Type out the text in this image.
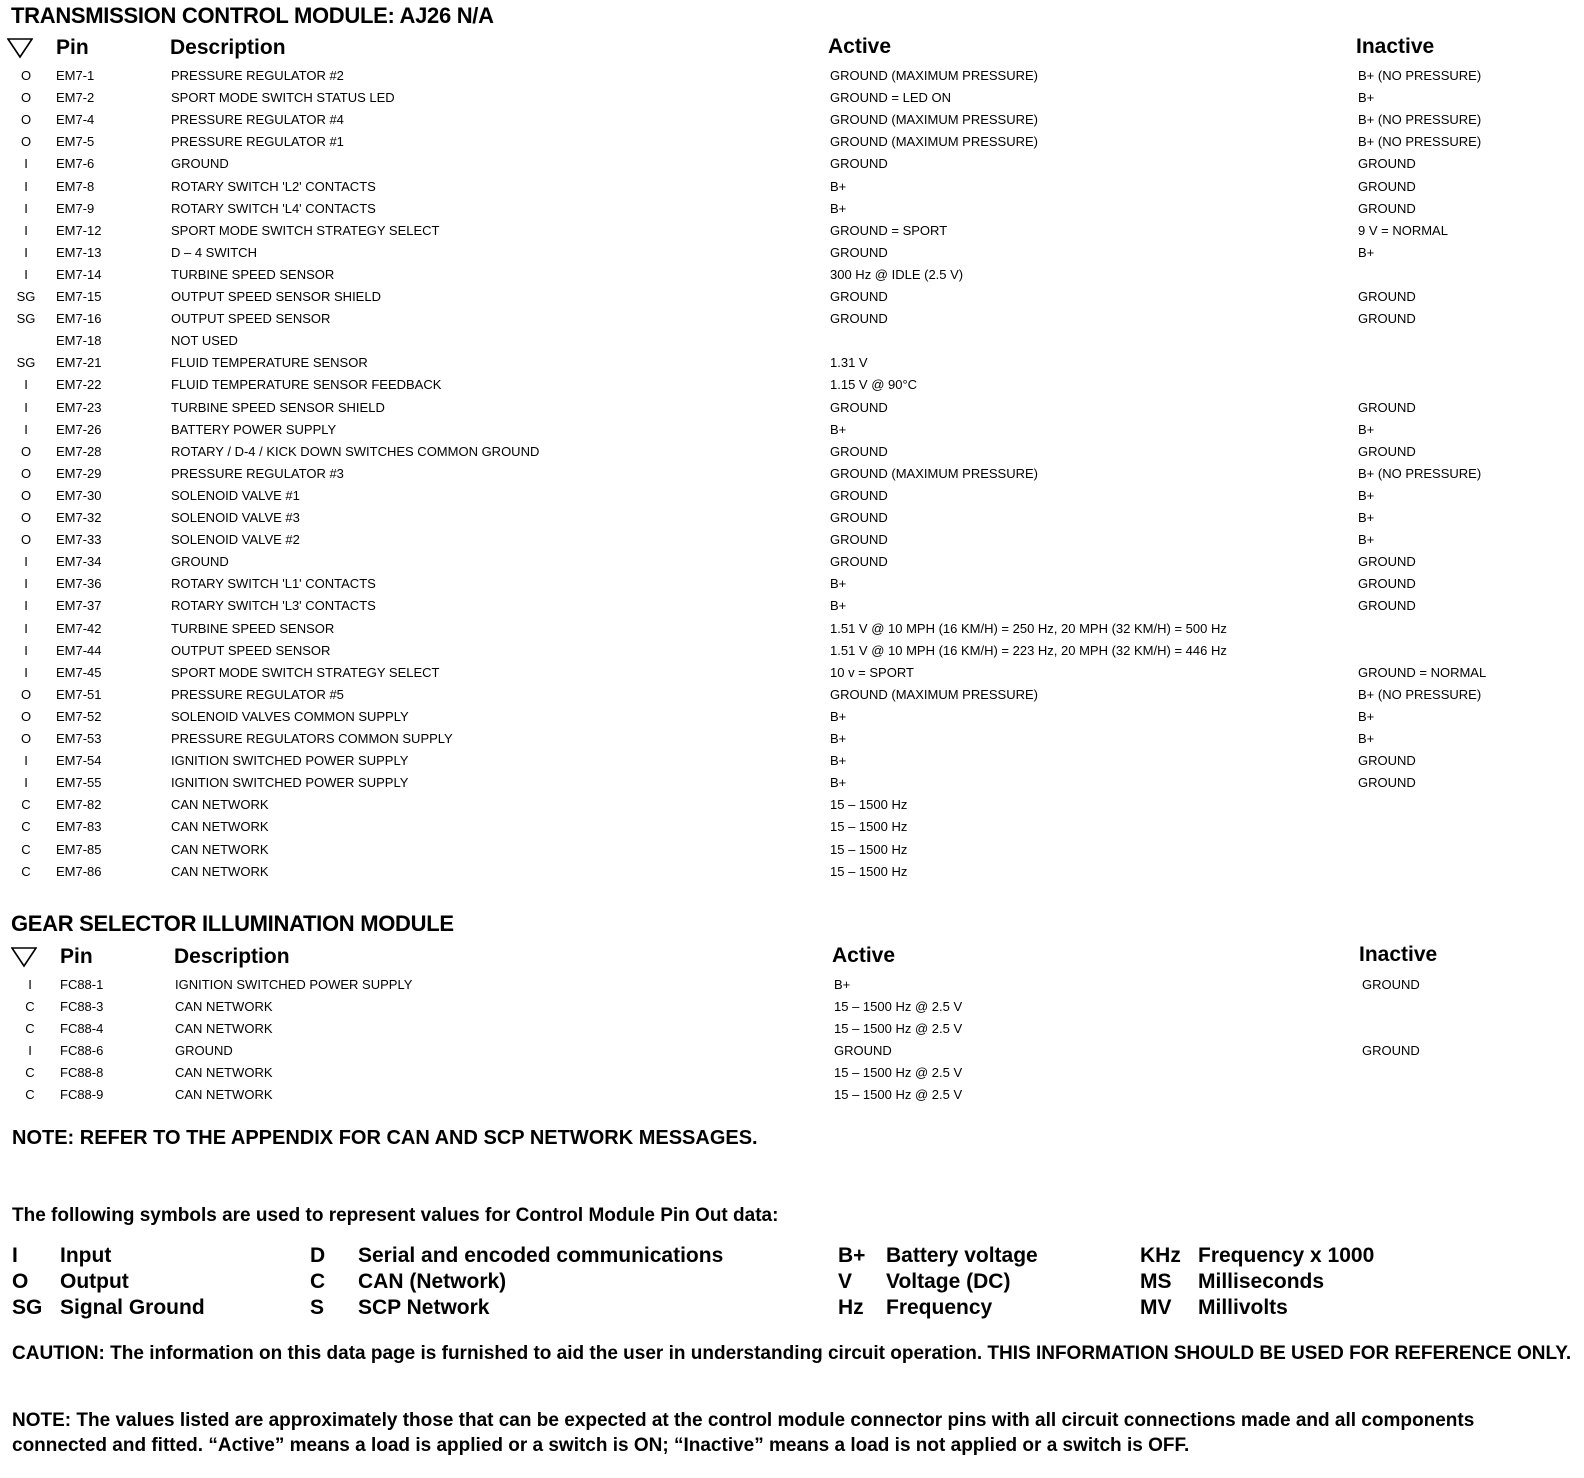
TRANSMISSION CONTROL MODULE: AJ26 N/A
Pin	Description	Active	Inactive
O	EM7-1	PRESSURE REGULATOR #2	GROUND (MAXIMUM PRESSURE)	B+ (NO PRESSURE)
O	EM7-2	SPORT MODE SWITCH STATUS LED	GROUND = LED ON	B+
O	EM7-4	PRESSURE REGULATOR #4	GROUND (MAXIMUM PRESSURE)	B+ (NO PRESSURE)
O	EM7-5	PRESSURE REGULATOR #1	GROUND (MAXIMUM PRESSURE)	B+ (NO PRESSURE)
I	EM7-6	GROUND	GROUND	GROUND
I	EM7-8	ROTARY SWITCH 'L2' CONTACTS	B+	GROUND
I	EM7-9	ROTARY SWITCH 'L4' CONTACTS	B+	GROUND
I	EM7-12	SPORT MODE SWITCH STRATEGY SELECT	GROUND = SPORT	9 V = NORMAL
I	EM7-13	D – 4 SWITCH	GROUND	B+
I	EM7-14	TURBINE SPEED SENSOR	300 Hz @ IDLE (2.5 V)
SG EM7-15	OUTPUT SPEED SENSOR SHIELD	GROUND	GROUND
SG EM7-16	OUTPUT SPEED SENSOR	GROUND	GROUND
EM7-18	NOT USED
SG EM7-21	FLUID TEMPERATURE SENSOR	1.31 V
I	EM7-22	FLUID TEMPERATURE SENSOR FEEDBACK	1.15 V @ 90°C
I	EM7-23	TURBINE SPEED SENSOR SHIELD	GROUND	GROUND
I	EM7-26	BATTERY POWER SUPPLY	B+	B+
O	EM7-28	ROTARY / D-4 / KICK DOWN SWITCHES COMMON GROUND	GROUND	GROUND
O	EM7-29	PRESSURE REGULATOR #3	GROUND (MAXIMUM PRESSURE)	B+ (NO PRESSURE)
O	EM7-30	SOLENOID VALVE #1	GROUND	B+
O	EM7-32	SOLENOID VALVE #3	GROUND	B+
O	EM7-33	SOLENOID VALVE #2	GROUND	B+
I	EM7-34	GROUND	GROUND	GROUND
I	EM7-36	ROTARY SWITCH 'L1' CONTACTS	B+	GROUND
I	EM7-37	ROTARY SWITCH 'L3' CONTACTS	B+	GROUND
I	EM7-42	TURBINE SPEED SENSOR	1.51 V @ 10 MPH (16 KM/H) = 250 Hz, 20 MPH (32 KM/H) = 500 Hz
I	EM7-44	OUTPUT SPEED SENSOR	1.51 V @ 10 MPH (16 KM/H) = 223 Hz, 20 MPH (32 KM/H) = 446 Hz
I	EM7-45	SPORT MODE SWITCH STRATEGY SELECT	10 v = SPORT	GROUND = NORMAL
O	EM7-51	PRESSURE REGULATOR #5	GROUND (MAXIMUM PRESSURE)	B+ (NO PRESSURE)
O	EM7-52	SOLENOID VALVES COMMON SUPPLY	B+	B+
O	EM7-53	PRESSURE REGULATORS COMMON SUPPLY	B+	B+
I	EM7-54	IGNITION SWITCHED POWER SUPPLY	B+	GROUND
I	EM7-55	IGNITION SWITCHED POWER SUPPLY	B+	GROUND
C	EM7-82	CAN NETWORK	15 – 1500 Hz
C	EM7-83	CAN NETWORK	15 – 1500 Hz
C	EM7-85	CAN NETWORK	15 – 1500 Hz
C	EM7-86	CAN NETWORK	15 – 1500 Hz
GEAR SELECTOR ILLUMINATION MODULE
Pin	Description	Active	Inactive
I	FC88-1	IGNITION SWITCHED POWER SUPPLY	B+	GROUND
C	FC88-3	CAN NETWORK	15 – 1500 Hz @ 2.5 V
C	FC88-4	CAN NETWORK	15 – 1500 Hz @ 2.5 V
I	FC88-6	GROUND	GROUND	GROUND
C	FC88-8	CAN NETWORK	15 – 1500 Hz @ 2.5 V
C	FC88-9	CAN NETWORK	15 – 1500 Hz @ 2.5 V
NOTE: REFER TO THE APPENDIX FOR CAN AND SCP NETWORK MESSAGES.
The following symbols are used to represent values for Control Module Pin Out data:
I Input
O Output
SG Signal Ground
D Serial and encoded communications
C CAN (Network)
S SCP Network
B+ Battery voltage
V Voltage (DC)
Hz Frequency
KHz Frequency x 1000
MS Milliseconds
MV Millivolts
CAUTION: The information on this data page is furnished to aid the user in understanding circuit operation. THIS INFORMATION SHOULD BE USED FOR REFERENCE ONLY.
NOTE: The values listed are approximately those that can be expected at the control module connector pins with all circuit connections made and all components connected and fitted. “Active” means a load is applied or a switch is ON; “Inactive” means a load is not applied or a switch is OFF.
